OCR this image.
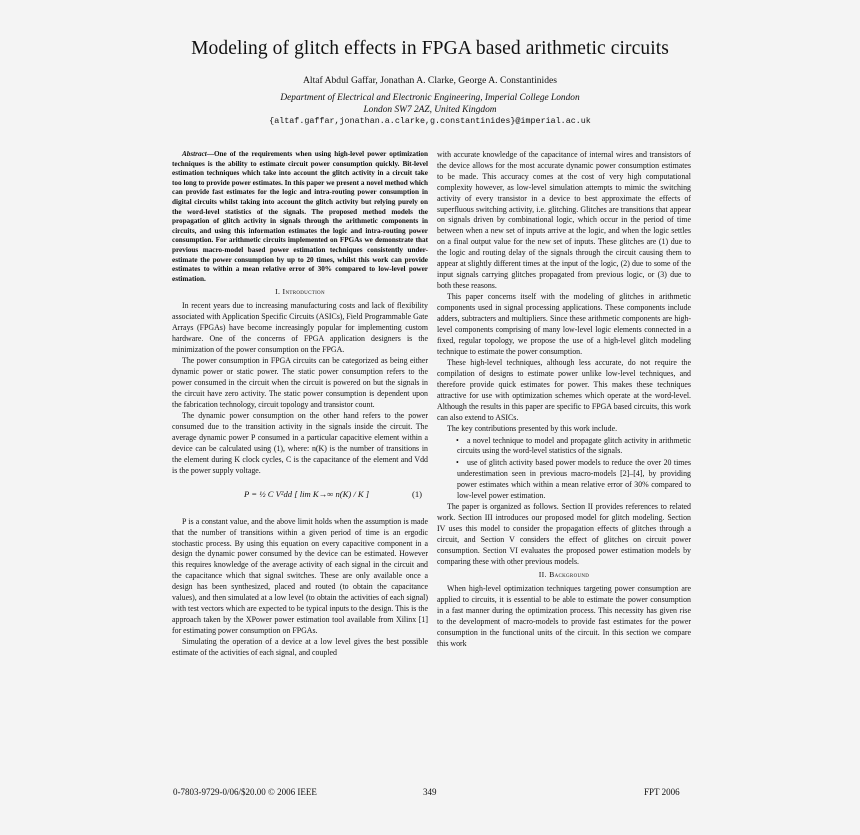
Modeling of glitch effects in FPGA based arithmetic circuits
Altaf Abdul Gaffar, Jonathan A. Clarke, George A. Constantinides
Department of Electrical and Electronic Engineering, Imperial College London
London SW7 2AZ, United Kingdom
{altaf.gaffar,jonathan.a.clarke,g.constantinides}@imperial.ac.uk

Abstract—One of the requirements when using high-level power optimization techniques is the ability to estimate circuit power consumption quickly. Bit-level estimation techniques which take into account the glitch activity in a circuit take too long to provide power estimates. In this paper we present a novel method which can provide fast estimates for the logic and intra-routing power consumption in digital circuits whilst taking into account the glitch activity but relying purely on the word-level statistics of the signals. The proposed method models the propagation of glitch activity in signals through the arithmetic components in circuits, and using this information estimates the logic and intra-routing power consumption. For arithmetic circuits implemented on FPGAs we demonstrate that previous macro-model based power estimation techniques consistently under-estimate the power consumption by up to 20 times, whilst this work can provide estimates to within a mean relative error of 30% compared to low-level power estimation.

I. Introduction

In recent years due to increasing manufacturing costs and lack of flexibility associated with Application Specific Circuits (ASICs), Field Programmable Gate Arrays (FPGAs) have become increasingly popular for implementing custom hardware. One of the concerns of FPGA application designers is the minimization of the power consumption on the FPGA.

The power consumption in FPGA circuits can be categorized as being either dynamic power or static power. The static power consumption refers to the power consumed in the circuit when the circuit is powered on but the signals in the circuit have zero activity. The static power consumption is dependent upon the fabrication technology, circuit topology and transistor count.

The dynamic power consumption on the other hand refers to the power consumed due to the transition activity in the signals inside the circuit. The average dynamic power P consumed in a particular capacitive element within a device can be calculated using (1), where: n(K) is the number of transitions in the element during K clock cycles, C is the capacitance of the element and Vdd is the power supply voltage.

P = ½ C V²dd [ lim K→∞ n(K) / K ]	(1)

P is a constant value, and the above limit holds when the assumption is made that the number of transitions within a given period of time is an ergodic stochastic process. By using this equation on every capacitive component in a design the dynamic power consumed by the device can be estimated. However this requires knowledge of the average activity of each signal in the circuit and the capacitance which that signal switches. These are only available once a design has been synthesized, placed and routed (to obtain the capacitance values), and then simulated at a low level (to obtain the activities of each signal) with test vectors which are expected to be typical inputs to the design. This is the approach taken by the XPower power estimation tool available from Xilinx [1] for estimating power consumption on FPGAs.

Simulating the operation of a device at a low level gives the best possible estimate of the activities of each signal, and coupled

with accurate knowledge of the capacitance of internal wires and transistors of the device allows for the most accurate dynamic power consumption estimates to be made. This accuracy comes at the cost of very high computational complexity however, as low-level simulation attempts to mimic the switching activity of every transistor in a device to best approximate the effects of superfluous switching activity, i.e. glitching. Glitches are transitions that appear on signals driven by combinational logic, which occur in the period of time between when a new set of inputs arrive at the logic, and when the logic settles on a final output value for the new set of inputs. These glitches are (1) due to the logic and routing delay of the signals through the circuit causing them to appear at slightly different times at the input of the logic, (2) due to some of the input signals carrying glitches propagated from previous logic, or (3) due to both these reasons.

This paper concerns itself with the modeling of glitches in arithmetic components used in signal processing applications. These components include adders, subtracters and multipliers. Since these arithmetic components are high-level components comprising of many low-level logic elements connected in a fixed, regular topology, we propose the use of a high-level glitch modeling technique to estimate the power consumption.

These high-level techniques, although less accurate, do not require the compilation of designs to estimate power unlike low-level techniques, and therefore provide quick estimates for power. This makes these techniques attractive for use with optimization schemes which operate at the word-level. Although the results in this paper are specific to FPGA based circuits, this work can also extend to ASICs.

The key contributions presented by this work include.

• a novel technique to model and propagate glitch activity in arithmetic circuits using the word-level statistics of the signals.

• use of glitch activity based power models to reduce the over 20 times underestimation seen in previous macro-models [2]–[4], by providing power estimates which within a mean relative error of 30% compared to low-level power estimation.

The paper is organized as follows. Section II provides references to related work. Section III introduces our proposed model for glitch modeling. Section IV uses this model to consider the propagation effects of glitches through a circuit, and Section V considers the effect of glitches on circuit power consumption. Section VI evaluates the proposed power estimation models by comparing these with other previous models.

II. Background

When high-level optimization techniques targeting power consumption are applied to circuits, it is essential to be able to estimate the power consumption in a fast manner during the optimization process. This necessity has given rise to the development of macro-models to provide fast estimates for the power consumption in the functional units of the circuit. In this section we compare this work

0-7803-9729-0/06/$20.00 © 2006 IEEE	349	FPT 2006
